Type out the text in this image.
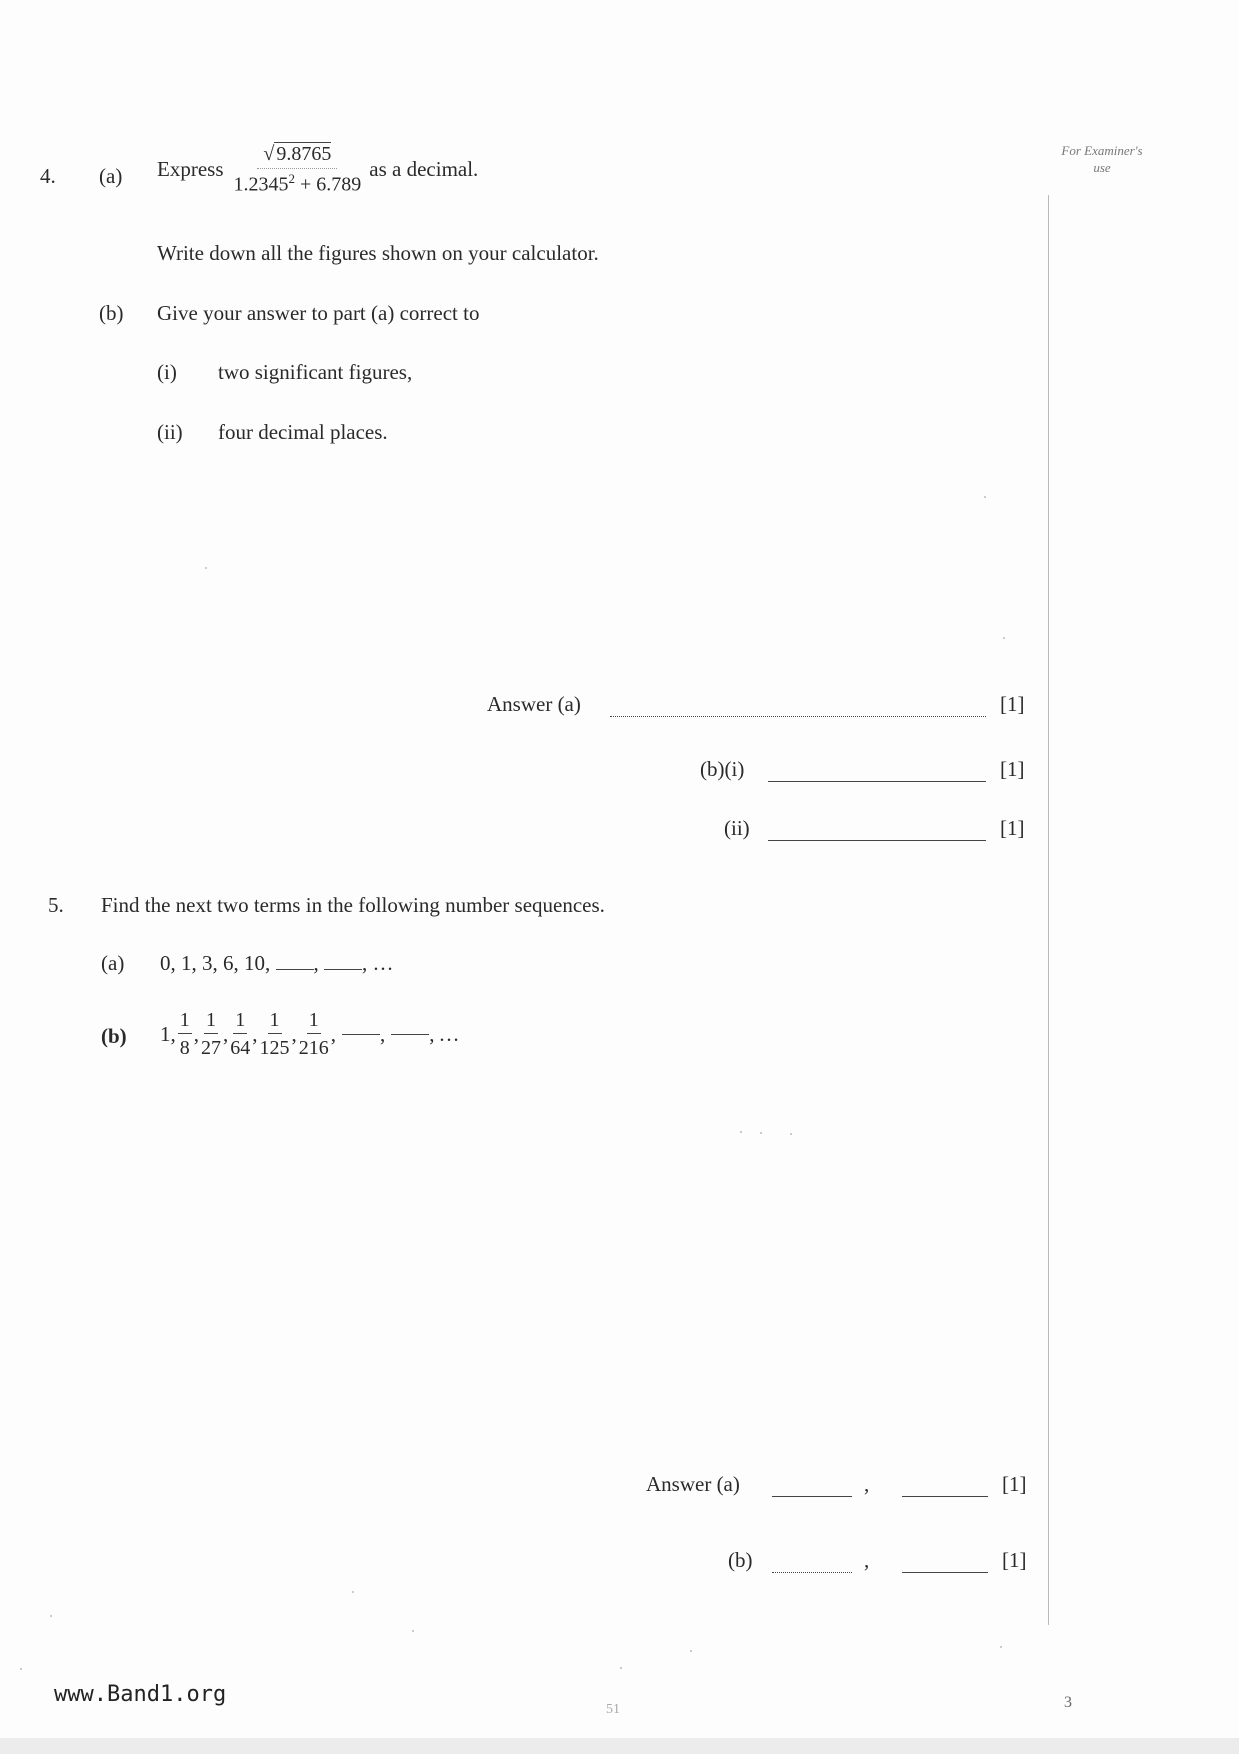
For Examiner's use
4. (a) Express $\frac{√ 9.8765}{1.2345^2 + 6.789}$ as a decimal.
Write down all the figures shown on your calculator.
(b) Give your answer to part (a) correct to
(i) two significant figures,
(ii) four decimal places.
Answer (a)	[1]
(b)(i)	[1]
(ii)	[1]
5. Find the next two terms in the following number sequences.
(a) 0, 1, 3, 6, 10, , , …
(b) 1, $\frac{1}{8}$ , $\frac{1}{27}$ , $\frac{1}{64}$ , $\frac{1}{125}$ , $\frac{1}{216}$ , , , …
Answer (a)	,	[1]
(b)	,	[1]
www.Band1.org
51	3
